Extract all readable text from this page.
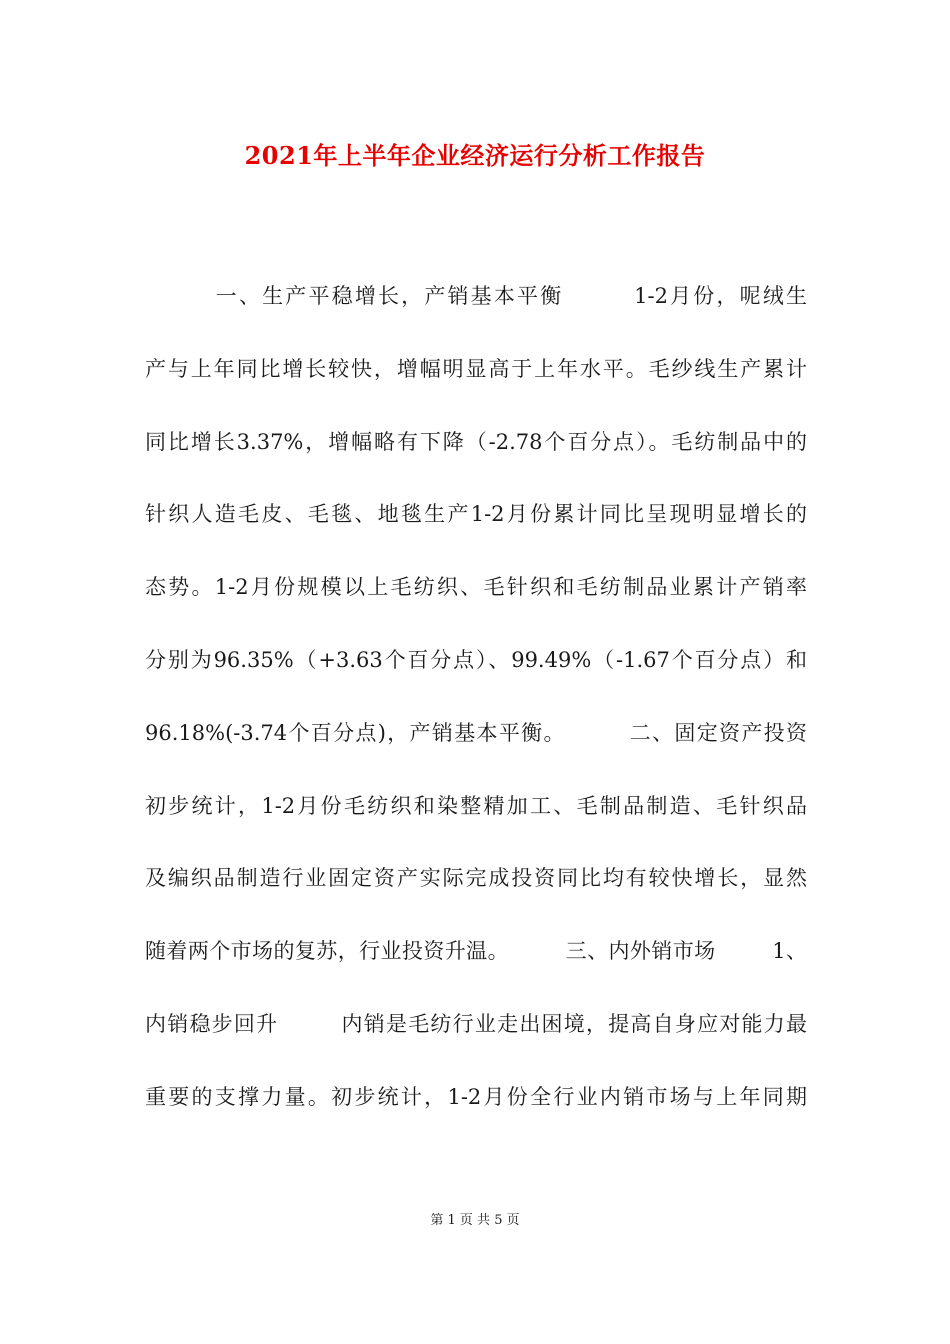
2021年上半年企业经济运行分析工作报告
一、生产平稳增长，产销基本平衡        1-2月份，呢绒生
产与上年同比增长较快，增幅明显高于上年水平。毛纱线生产累计
同比增长3.37%，增幅略有下降（-2.78个百分点）。毛纺制品中的
针织人造毛皮、毛毯、地毯生产1-2月份累计同比呈现明显增长的
态势。1-2月份规模以上毛纺织、毛针织和毛纺制品业累计产销率
分别为96.35%（+3.63个百分点）、99.49%（-1.67个百分点）和
96.18%(-3.74个百分点)，产销基本平衡。        二、固定资产投资
初步统计，1-2月份毛纺织和染整精加工、毛制品制造、毛针织品
及编织品制造行业固定资产实际完成投资同比均有较快增长，显然
随着两个市场的复苏，行业投资升温。        三、内外销市场        1、
内销稳步回升        内销是毛纺行业走出困境，提高自身应对能力最
重要的支撑力量。初步统计，1-2月份全行业内销市场与上年同期
第 1 页 共 5 页
